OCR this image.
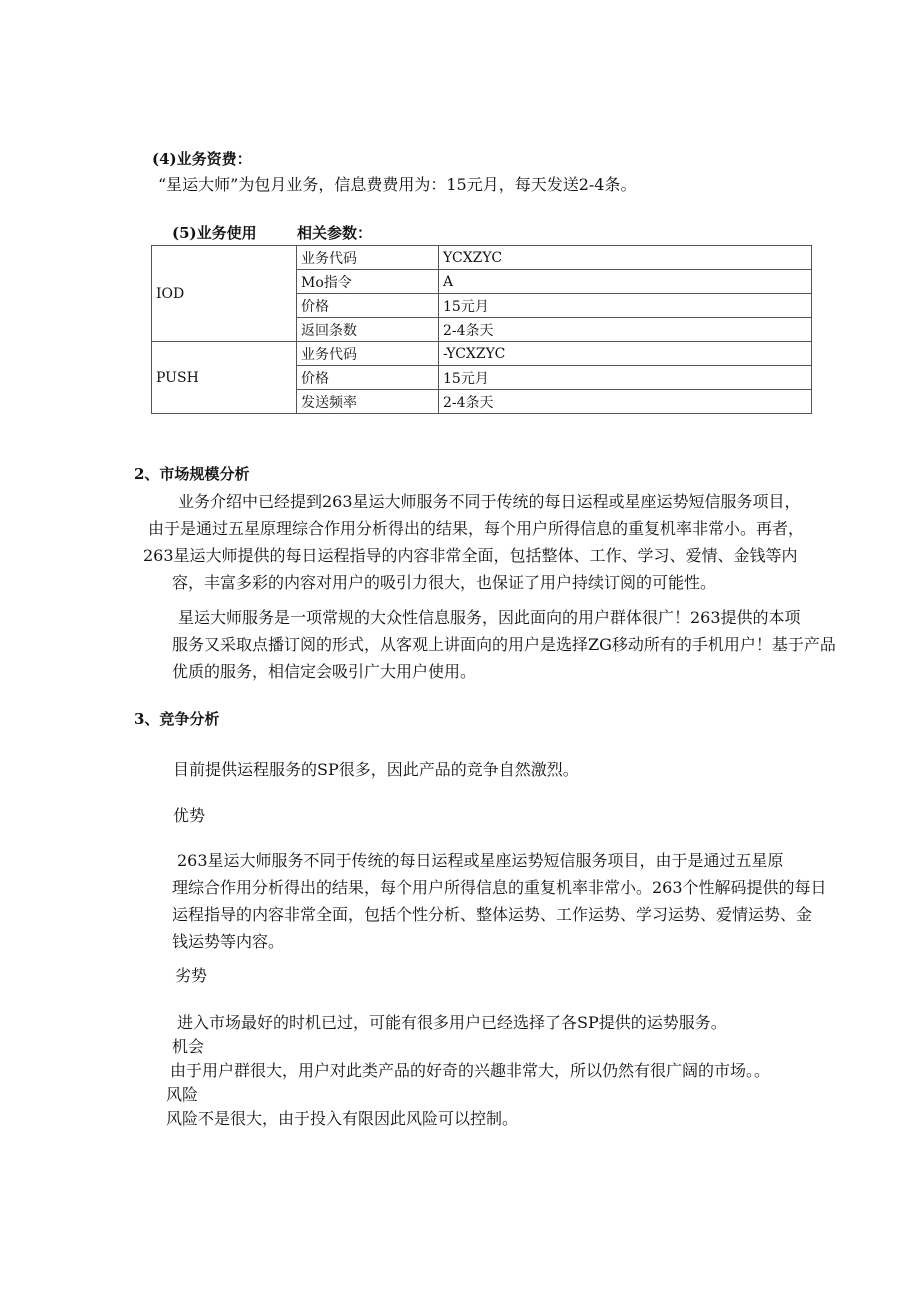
(4)业务资费：
“星运大师”为包月业务，信息费费用为：15元月，每天发送2-4条。
(5)业务使用	相关参数：
IOD	业务代码	YCXZYC
	Mo指令	A
	价格	15元月
	返回条数	2-4条天
PUSH	业务代码	-YCXZYC
	价格	15元月
	发送频率	2-4条天
2、市场规模分析
业务介绍中已经提到263星运大师服务不同于传统的每日运程或星座运势短信服务项目，
由于是通过五星原理综合作用分析得出的结果，每个用户所得信息的重复机率非常小。再者，
263星运大师提供的每日运程指导的内容非常全面，包括整体、工作、学习、爱情、金钱等内
容，丰富多彩的内容对用户的吸引力很大，也保证了用户持续订阅的可能性。
星运大师服务是一项常规的大众性信息服务，因此面向的用户群体很广！263提供的本项
服务又采取点播订阅的形式，从客观上讲面向的用户是选择ZG移动所有的手机用户！基于产品
优质的服务，相信定会吸引广大用户使用。
3、竞争分析
目前提供运程服务的SP很多，因此产品的竞争自然激烈。
优势
263星运大师服务不同于传统的每日运程或星座运势短信服务项目，由于是通过五星原
理综合作用分析得出的结果，每个用户所得信息的重复机率非常小。263个性解码提供的每日
运程指导的内容非常全面，包括个性分析、整体运势、工作运势、学习运势、爱情运势、金
钱运势等内容。
劣势
进入市场最好的时机已过，可能有很多用户已经选择了各SP提供的运势服务。
机会
由于用户群很大，用户对此类产品的好奇的兴趣非常大，所以仍然有很广阔的市场。。
风险
风险不是很大，由于投入有限因此风险可以控制。
